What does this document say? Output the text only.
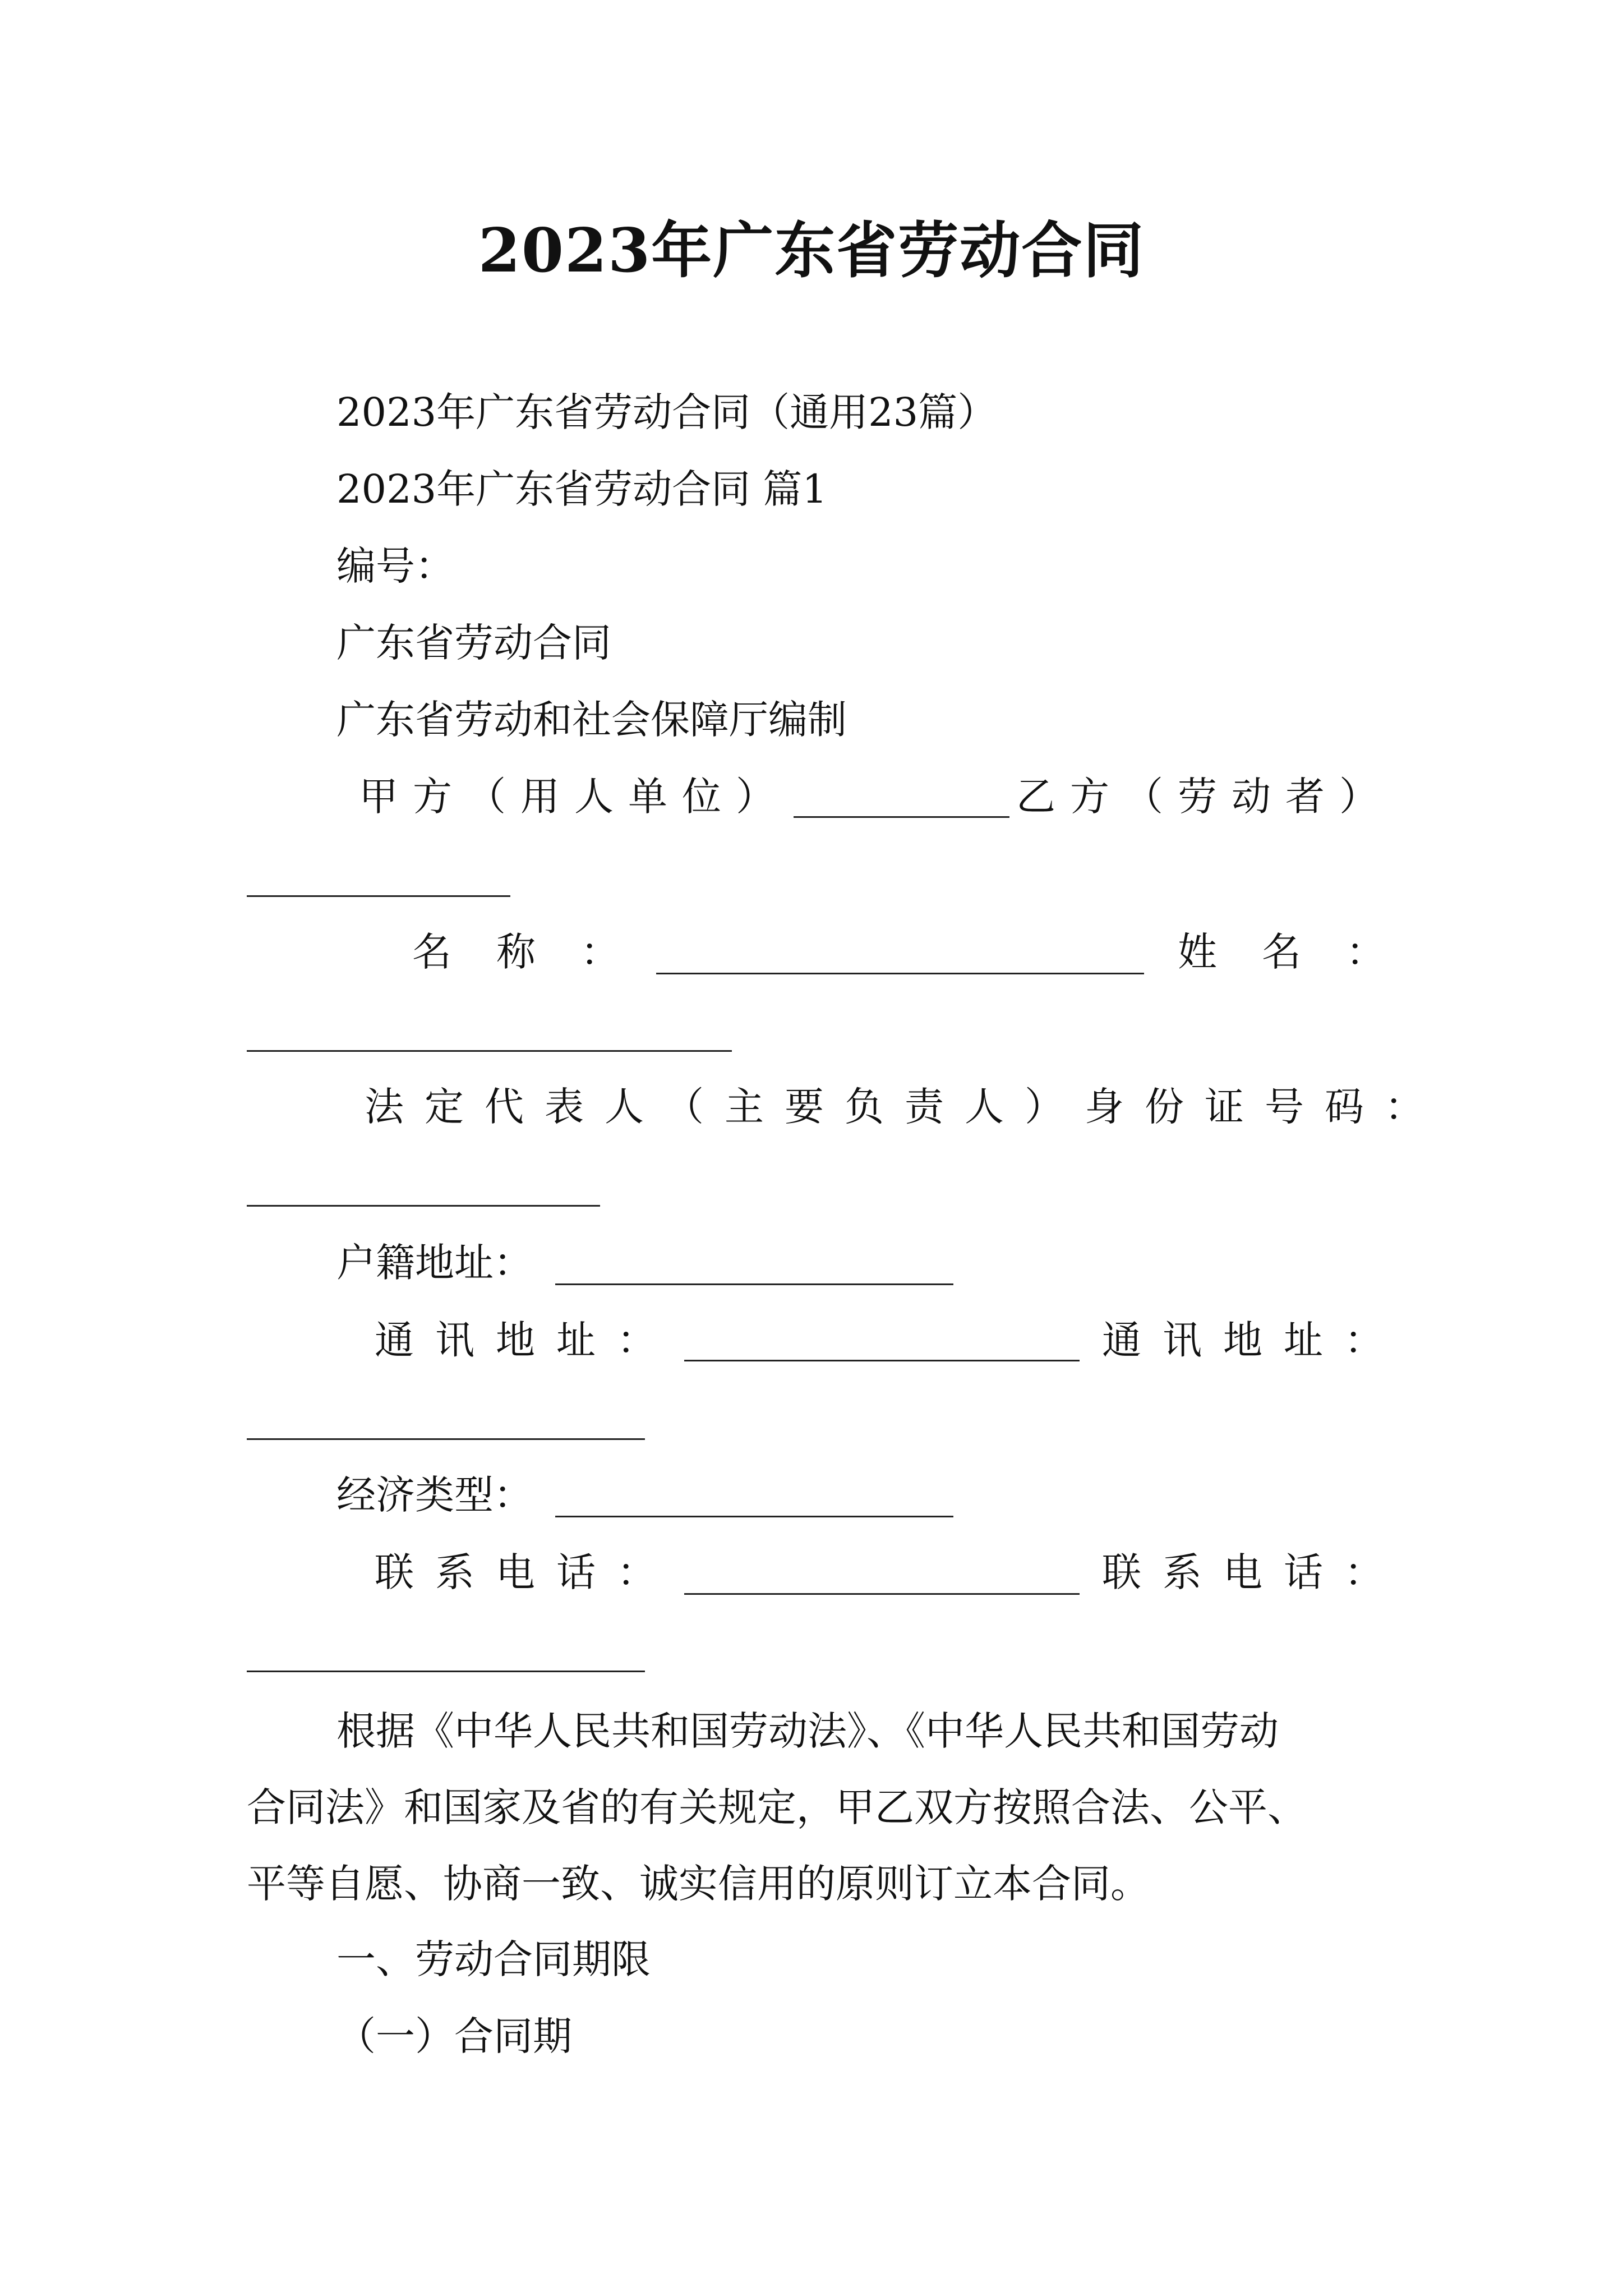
2023年广东省劳动合同
2023年广东省劳动合同（通用23篇）
2023年广东省劳动合同 篇1
编号：
广东省劳动合同
广东省劳动和社会保障厅编制
甲方（用人单位）	乙方（劳动者）
名称：	姓名：
法定代表人（主要负责人）身份证号码：
户籍地址：
通讯地址：	通讯地址：
经济类型：
联系电话：	联系电话：
根据《中华人民共和国劳动法》、《中华人民共和国劳动
合同法》和国家及省的有关规定，甲乙双方按照合法、公平、
平等自愿、协商一致、诚实信用的原则订立本合同。
一、劳动合同期限
（一）合同期
